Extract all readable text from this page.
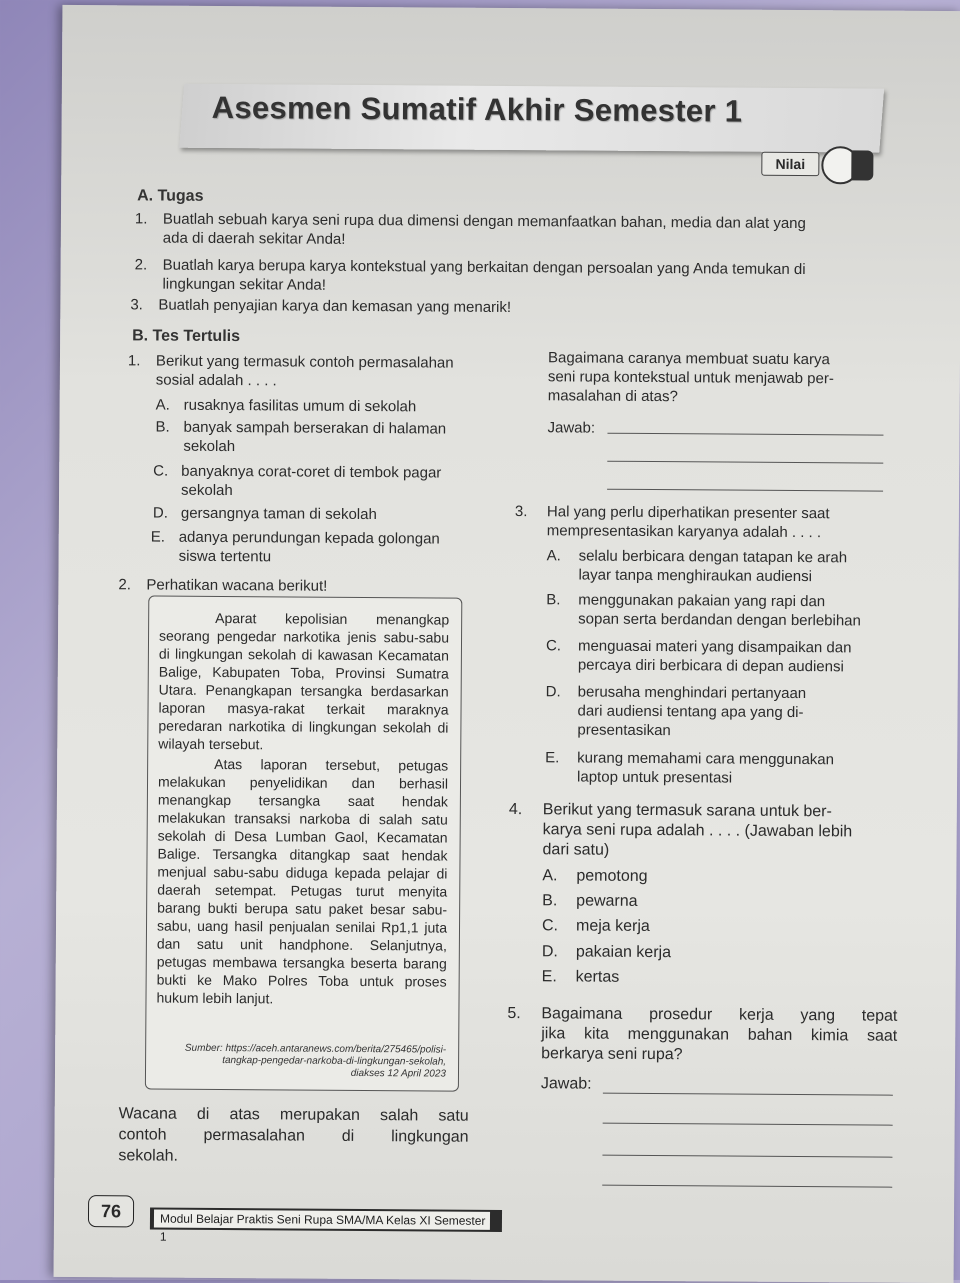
Asesmen Sumatif Akhir Semester 1
Nilai
A. Tugas
1. Buatlah sebuah karya seni rupa dua dimensi dengan memanfaatkan bahan, media dan alat yang
ada di daerah sekitar Anda!
2. Buatlah karya berupa karya kontekstual yang berkaitan dengan persoalan yang Anda temukan di
lingkungan sekitar Anda!
3. Buatlah penyajian karya dan kemasan yang menarik!
B. Tes Tertulis
1. Berikut yang termasuk contoh permasalahan
sosial adalah . . . .
A. rusaknya fasilitas umum di sekolah
B. banyak sampah berserakan di halaman
sekolah
C. banyaknya corat-coret di tembok pagar
sekolah
D. gersangnya taman di sekolah
E. adanya perundungan kepada golongan
siswa tertentu
2. Perhatikan wacana berikut!
Aparat kepolisian menangkap seorang pengedar narkotika jenis sabu-sabu di lingkungan sekolah di kawasan Kecamatan Balige, Kabupaten Toba, Provinsi Sumatra Utara. Penangkapan tersangka berdasarkan laporan masya-rakat terkait maraknya peredaran narkotika di lingkungan sekolah di wilayah tersebut.
Atas laporan tersebut, petugas melakukan penyelidikan dan berhasil menangkap tersangka saat hendak melakukan transaksi narkoba di salah satu sekolah di Desa Lumban Gaol, Kecamatan Balige. Tersangka ditangkap saat hendak menjual sabu-sabu diduga kepada pelajar di daerah setempat. Petugas turut menyita barang bukti berupa satu paket besar sabu-sabu, uang hasil penjualan senilai Rp1,1 juta dan satu unit handphone. Selanjutnya, petugas membawa tersangka beserta barang bukti ke Mako Polres Toba untuk proses hukum lebih lanjut.
Sumber: https://aceh.antaranews.com/berita/275465/polisi-
tangkap-pengedar-narkoba-di-lingkungan-sekolah,
diakses 12 April 2023
Wacana di atas merupakan salah satu
contoh permasalahan di lingkungan
sekolah.
Bagaimana caranya membuat suatu karya
seni rupa kontekstual untuk menjawab per-
masalahan di atas?
Jawab:
3. Hal yang perlu diperhatikan presenter saat
mempresentasikan karyanya adalah . . . .
A. selalu berbicara dengan tatapan ke arah
layar tanpa menghiraukan audiensi
B. menggunakan pakaian yang rapi dan
sopan serta berdandan dengan berlebihan
C. menguasai materi yang disampaikan dan
percaya diri berbicara di depan audiensi
D. berusaha menghindari pertanyaan
dari audiensi tentang apa yang di-
presentasikan
E. kurang memahami cara menggunakan
laptop untuk presentasi
4. Berikut yang termasuk sarana untuk ber-
karya seni rupa adalah . . . . (Jawaban lebih
dari satu)
A. pemotong
B. pewarna
C. meja kerja
D. pakaian kerja
E. kertas
5. Bagaimana prosedur kerja yang tepat
jika kita menggunakan bahan kimia saat
berkarya seni rupa?
Jawab:
76	Modul Belajar Praktis Seni Rupa SMA/MA Kelas XI Semester 1
